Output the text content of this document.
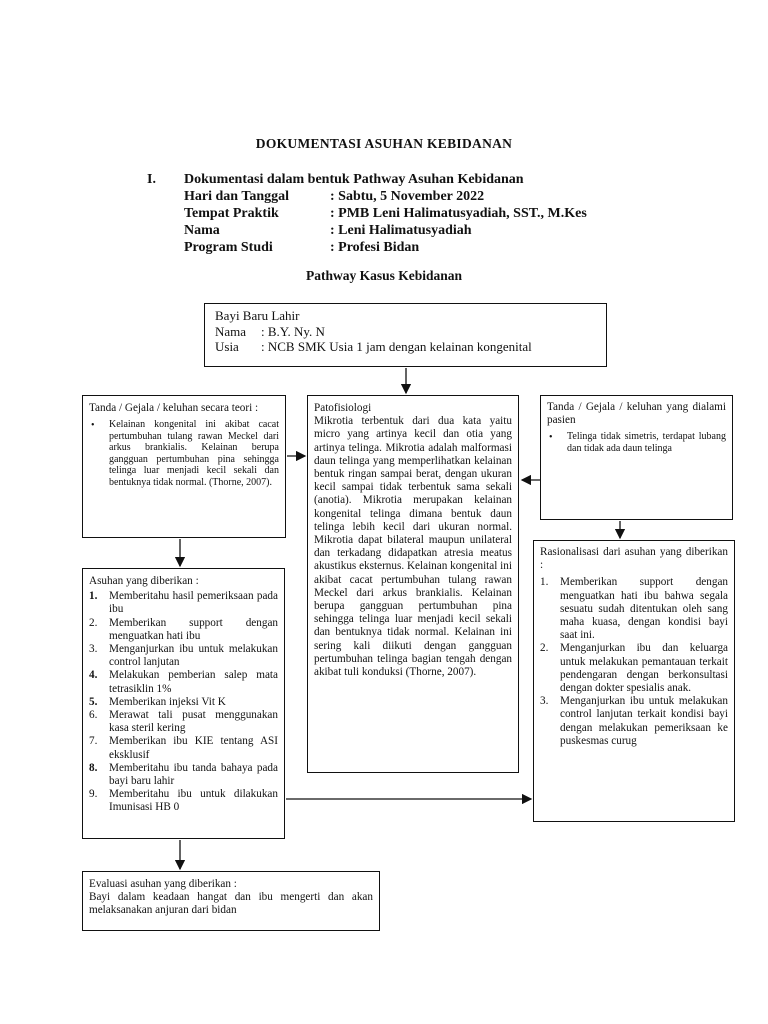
DOKUMENTASI ASUHAN KEBIDANAN
I. Dokumentasi dalam bentuk Pathway Asuhan Kebidanan
Hari dan Tanggal	: Sabtu, 5 November 2022
Tempat Praktik	: PMB Leni Halimatusyadiah, SST., M.Kes
Nama	: Leni Halimatusyadiah
Program Studi	: Profesi Bidan
Pathway Kasus Kebidanan

Bayi Baru Lahir

Nama	: B.Y. Ny. N
Usia	: NCB SMK Usia 1 jam dengan kelainan kongenital

Tanda / Gejala / keluhan secara teori :

•	Kelainan kongenital ini akibat cacat pertumbuhan tulang rawan Meckel dari arkus brankialis. Kelainan berupa gangguan pertumbuhan pina sehingga telinga luar menjadi kecil sekali dan bentuknya tidak normal. (Thorne, 2007).

Patofisiologi

Mikrotia terbentuk dari dua kata yaitu micro yang artinya kecil dan otia yang artinya telinga. Mikrotia adalah malformasi daun telinga yang memperlihatkan kelainan bentuk ringan sampai berat, dengan ukuran kecil sampai tidak terbentuk sama sekali (anotia). Mikrotia merupakan kelainan kongenital telinga dimana bentuk daun telinga lebih kecil dari ukuran normal. Mikrotia dapat bilateral maupun unilateral dan terkadang didapatkan atresia meatus akustikus eksternus. Kelainan kongenital ini akibat cacat pertumbuhan tulang rawan Meckel dari arkus brankialis. Kelainan berupa gangguan pertumbuhan pina sehingga telinga luar menjadi kecil sekali dan bentuknya tidak normal. Kelainan ini sering kali diikuti dengan gangguan pertumbuhan telinga bagian tengah dengan akibat tuli konduksi (Thorne, 2007).

Tanda / Gejala / keluhan yang dialami pasien

•	Telinga tidak simetris, terdapat lubang dan tidak ada daun telinga

Rasionalisasi dari asuhan yang diberikan :

1.	Memberikan support dengan menguatkan hati ibu bahwa segala sesuatu sudah ditentukan oleh sang maha kuasa, dengan kondisi bayi saat ini.
2.	Menganjurkan ibu dan keluarga untuk melakukan pemantauan terkait pendengaran dengan berkonsultasi dengan dokter spesialis anak.
3.	Menganjurkan ibu untuk melakukan control lanjutan terkait kondisi bayi dengan melakukan pemeriksaan ke puskesmas curug

Asuhan yang diberikan :

1.	Memberitahu hasil pemeriksaan pada ibu
2.	Memberikan support dengan menguatkan hati ibu
3.	Menganjurkan ibu untuk melakukan control lanjutan
4.	Melakukan pemberian salep mata tetrasiklin 1%
5.	Memberikan injeksi Vit K
6.	Merawat tali pusat menggunakan kasa steril kering
7.	Memberikan ibu KIE tentang ASI eksklusif
8.	Memberitahu ibu tanda bahaya pada bayi baru lahir
9.	Memberitahu ibu untuk dilakukan Imunisasi HB 0

Evaluasi asuhan yang diberikan :

Bayi dalam keadaan hangat dan ibu mengerti dan akan melaksanakan anjuran dari bidan
